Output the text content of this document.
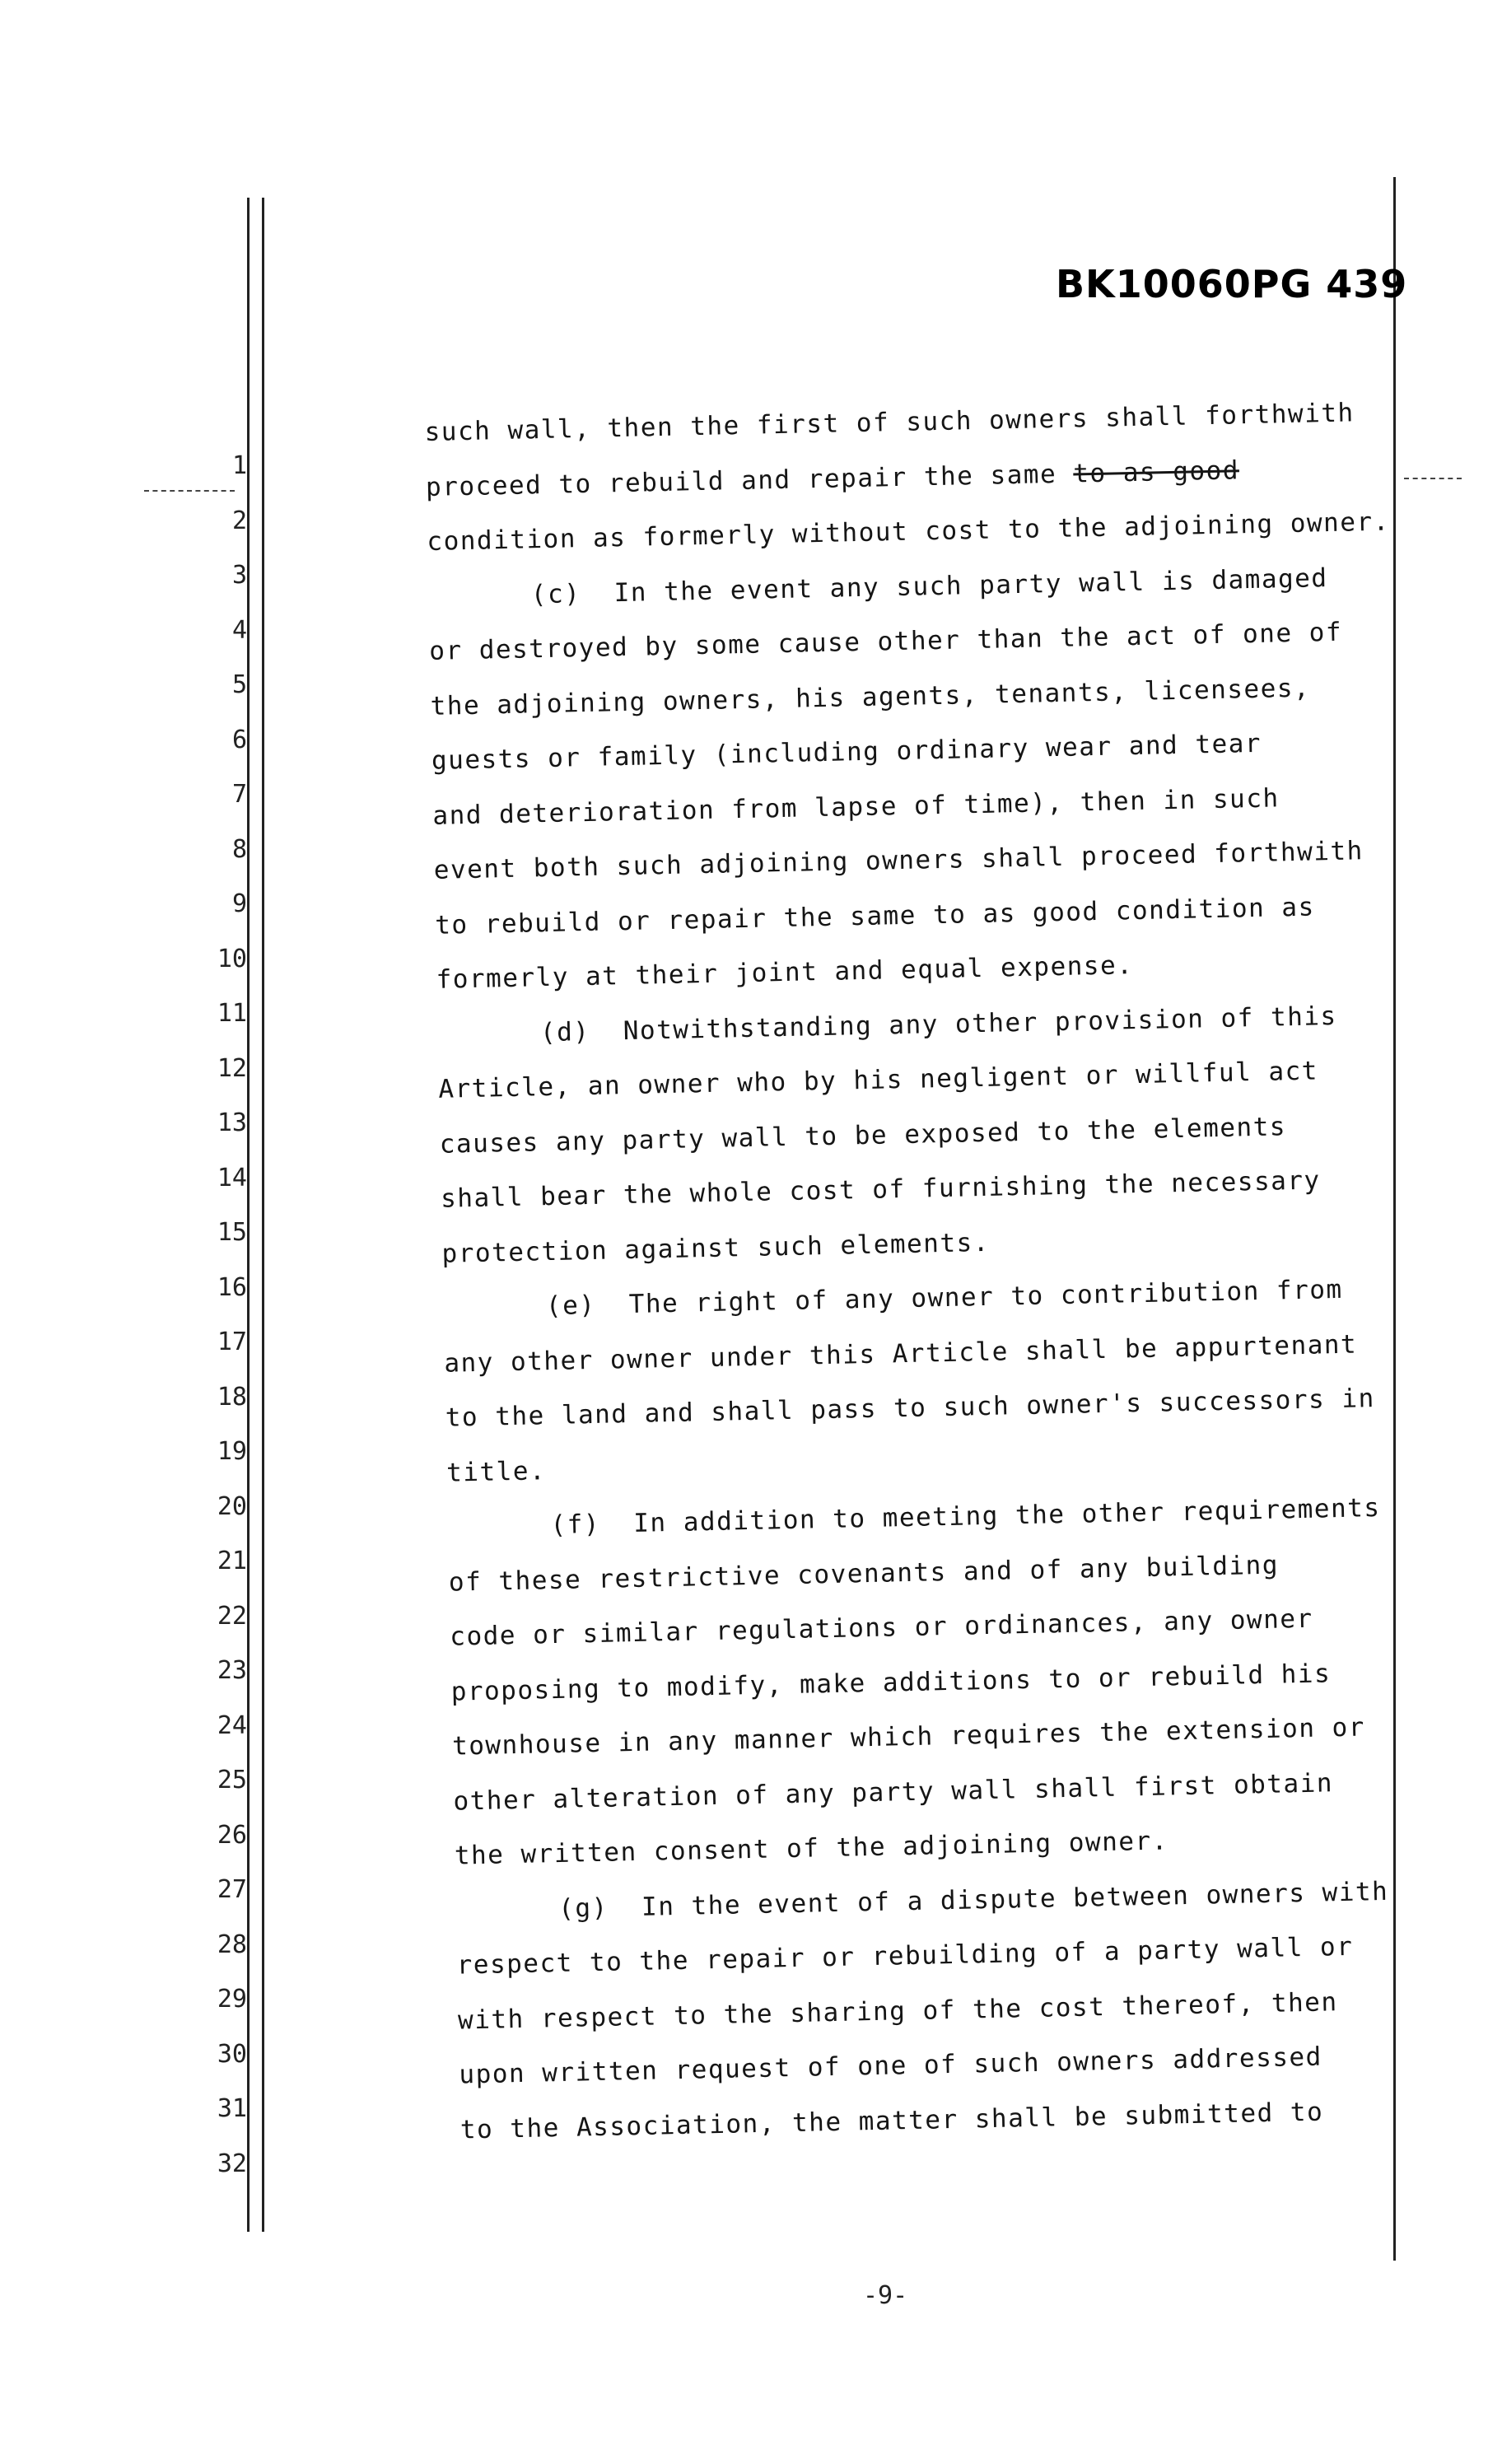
BK10060PG 439
1
2
3
4
5
6
7
8
9
10
11
12
13
14
15
16
17
18
19
20
21
22
23
24
25
26
27
28
29
30
31
32
such wall, then the first of such owners shall forthwith
proceed to rebuild and repair the same to as good
condition as formerly without cost to the adjoining owner.
(c)  In the event any such party wall is damaged
or destroyed by some cause other than the act of one of
the adjoining owners, his agents, tenants, licensees,
guests or family (including ordinary wear and tear
and deterioration from lapse of time), then in such
event both such adjoining owners shall proceed forthwith
to rebuild or repair the same to as good condition as
formerly at their joint and equal expense.
(d)  Notwithstanding any other provision of this
Article, an owner who by his negligent or willful act
causes any party wall to be exposed to the elements
shall bear the whole cost of furnishing the necessary
protection against such elements.
(e)  The right of any owner to contribution from
any other owner under this Article shall be appurtenant
to the land and shall pass to such owner's successors in
title.
(f)  In addition to meeting the other requirements
of these restrictive covenants and of any building
code or similar regulations or ordinances, any owner
proposing to modify, make additions to or rebuild his
townhouse in any manner which requires the extension or
other alteration of any party wall shall first obtain
the written consent of the adjoining owner.
(g)  In the event of a dispute between owners with
respect to the repair or rebuilding of a party wall or
with respect to the sharing of the cost thereof, then
upon written request of one of such owners addressed
to the Association, the matter shall be submitted to
-9-
